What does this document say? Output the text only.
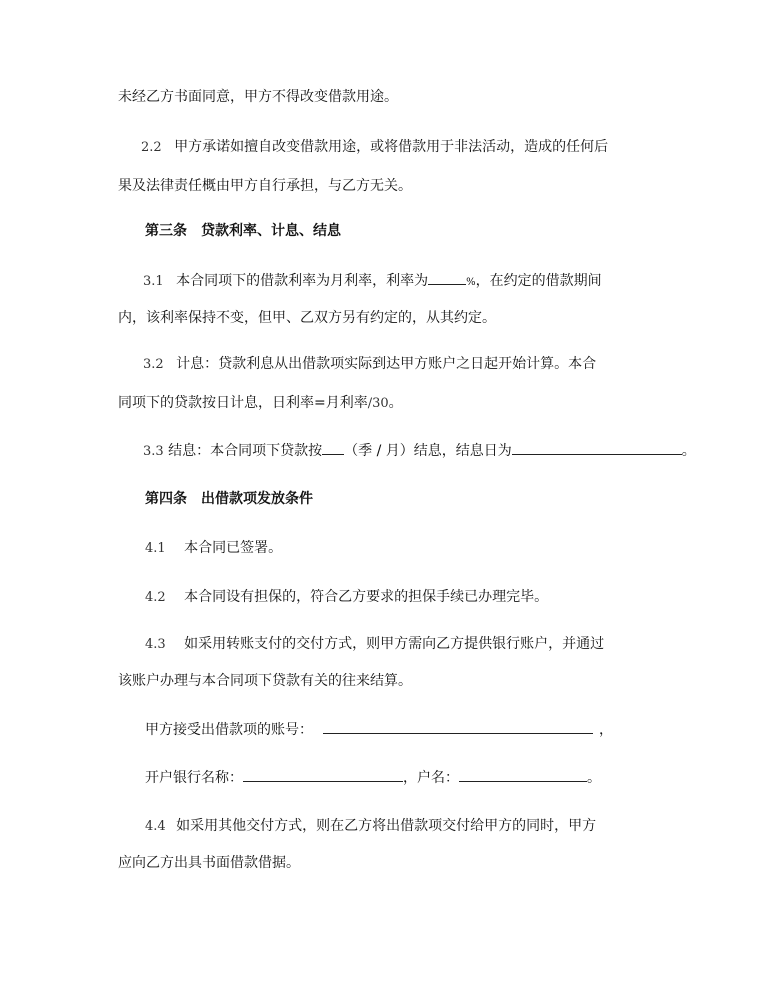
未经乙方书面同意，甲方不得改变借款用途。
2.2 甲方承诺如擅自改变借款用途，或将借款用于非法活动，造成的任何后
果及法律责任概由甲方自行承担，与乙方无关。
第三条　贷款利率、计息、结息
3.1 本合同项下的借款利率为月利率，利率为	%，在约定的借款期间
内，该利率保持不变，但甲、乙双方另有约定的，从其约定。
3.2 计息：贷款利息从出借款项实际到达甲方账户之日起开始计算。本合
同项下的贷款按日计息，日利率=月利率/30。
3.3 结息：本合同项下贷款按 （季 / 月）结息，结息日为	。
第四条　出借款项发放条件
4.1 本合同已签署。
4.2 本合同设有担保的，符合乙方要求的担保手续已办理完毕。
4.3 如采用转账支付的交付方式，则甲方需向乙方提供银行账户，并通过
该账户办理与本合同项下贷款有关的往来结算。
甲方接受出借款项的账号：	，
开户银行名称：	，户名：	。
4.4 如采用其他交付方式，则在乙方将出借款项交付给甲方的同时，甲方
应向乙方出具书面借款借据。
